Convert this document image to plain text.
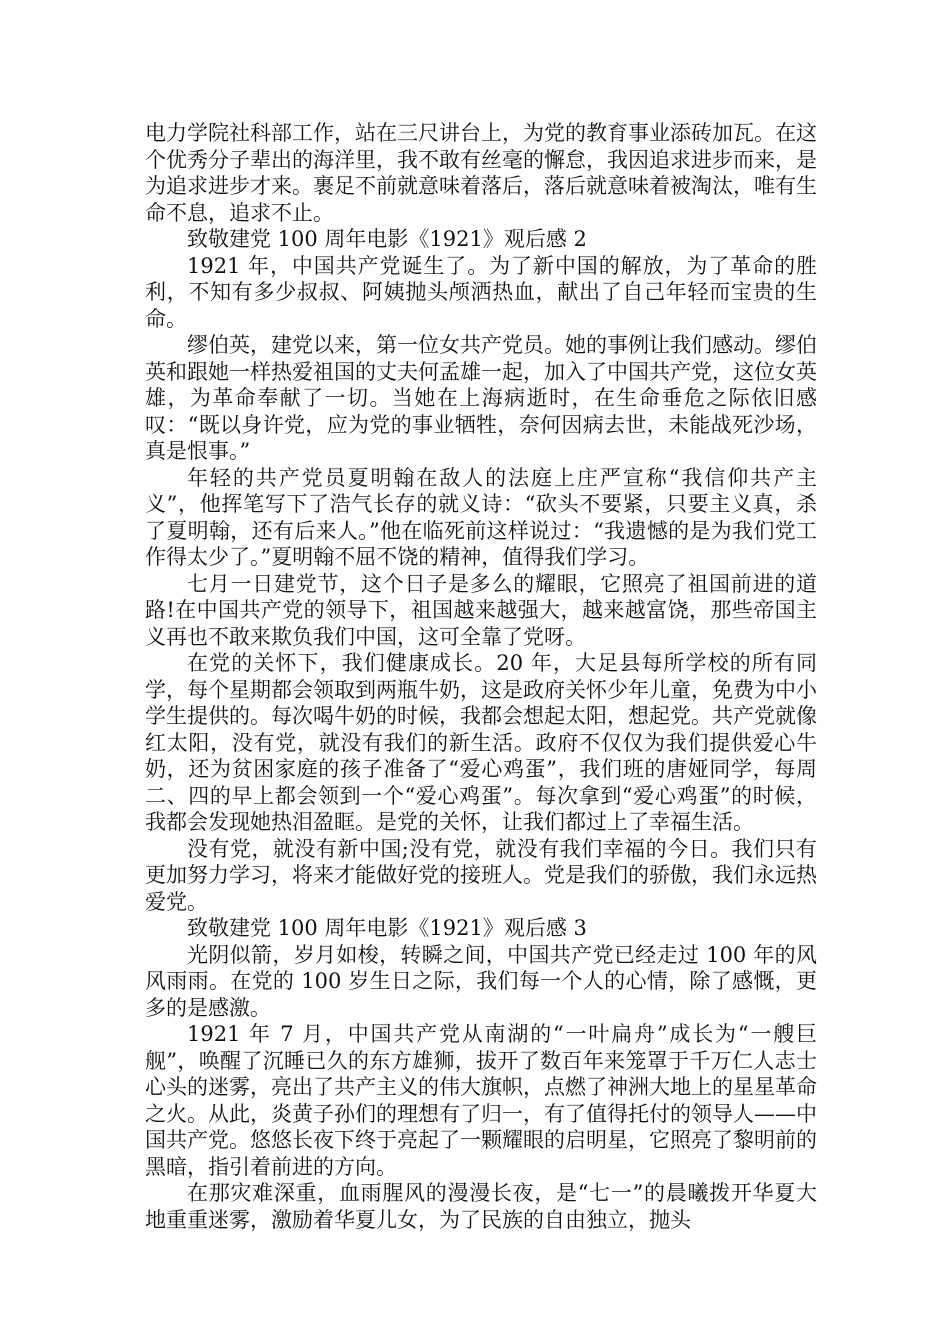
电力学院社科部工作，站在三尺讲台上，为党的教育事业添砖加瓦。在这个优秀分子辈出的海洋里，我不敢有丝毫的懈怠，我因追求进步而来，是为追求进步才来。裹足不前就意味着落后，落后就意味着被淘汰，唯有生命不息，追求不止。

致敬建党 100 周年电影《1921》观后感 2

1921 年，中国共产党诞生了。为了新中国的解放，为了革命的胜利，不知有多少叔叔、阿姨抛头颅洒热血，献出了自己年轻而宝贵的生命。

缪伯英，建党以来，第一位女共产党员。她的事例让我们感动。缪伯英和跟她一样热爱祖国的丈夫何孟雄一起，加入了中国共产党，这位女英雄，为革命奉献了一切。当她在上海病逝时，在生命垂危之际依旧感叹：“既以身许党，应为党的事业牺牲，奈何因病去世，未能战死沙场，真是恨事。”

年轻的共产党员夏明翰在敌人的法庭上庄严宣称“我信仰共产主义”，他挥笔写下了浩气长存的就义诗：“砍头不要紧，只要主义真，杀了夏明翰，还有后来人。”他在临死前这样说过：“我遗憾的是为我们党工作得太少了。”夏明翰不屈不饶的精神，值得我们学习。

七月一日建党节，这个日子是多么的耀眼，它照亮了祖国前进的道路!在中国共产党的领导下，祖国越来越强大，越来越富饶，那些帝国主义再也不敢来欺负我们中国，这可全靠了党呀。

在党的关怀下，我们健康成长。20 年，大足县每所学校的所有同学，每个星期都会领取到两瓶牛奶，这是政府关怀少年儿童，免费为中小学生提供的。每次喝牛奶的时候，我都会想起太阳，想起党。共产党就像红太阳，没有党，就没有我们的新生活。政府不仅仅为我们提供爱心牛奶，还为贫困家庭的孩子准备了“爱心鸡蛋”，我们班的唐娅同学，每周二、四的早上都会领到一个“爱心鸡蛋”。每次拿到“爱心鸡蛋”的时候，我都会发现她热泪盈眶。是党的关怀，让我们都过上了幸福生活。

没有党，就没有新中国;没有党，就没有我们幸福的今日。我们只有更加努力学习，将来才能做好党的接班人。党是我们的骄傲，我们永远热爱党。

致敬建党 100 周年电影《1921》观后感 3

光阴似箭，岁月如梭，转瞬之间，中国共产党已经走过 100 年的风风雨雨。在党的 100 岁生日之际，我们每一个人的心情，除了感慨，更多的是感激。

1921 年 7 月，中国共产党从南湖的“一叶扁舟”成长为“一艘巨舰”，唤醒了沉睡已久的东方雄狮，拔开了数百年来笼罩于千万仁人志士心头的迷雾，亮出了共产主义的伟大旗帜，点燃了神洲大地上的星星革命之火。从此，炎黄子孙们的理想有了归一，有了值得托付的领导人——中国共产党。悠悠长夜下终于亮起了一颗耀眼的启明星，它照亮了黎明前的黑暗，指引着前进的方向。

在那灾难深重，血雨腥风的漫漫长夜，是“七一”的晨曦拨开华夏大地重重迷雾，激励着华夏儿女，为了民族的自由独立，抛头
